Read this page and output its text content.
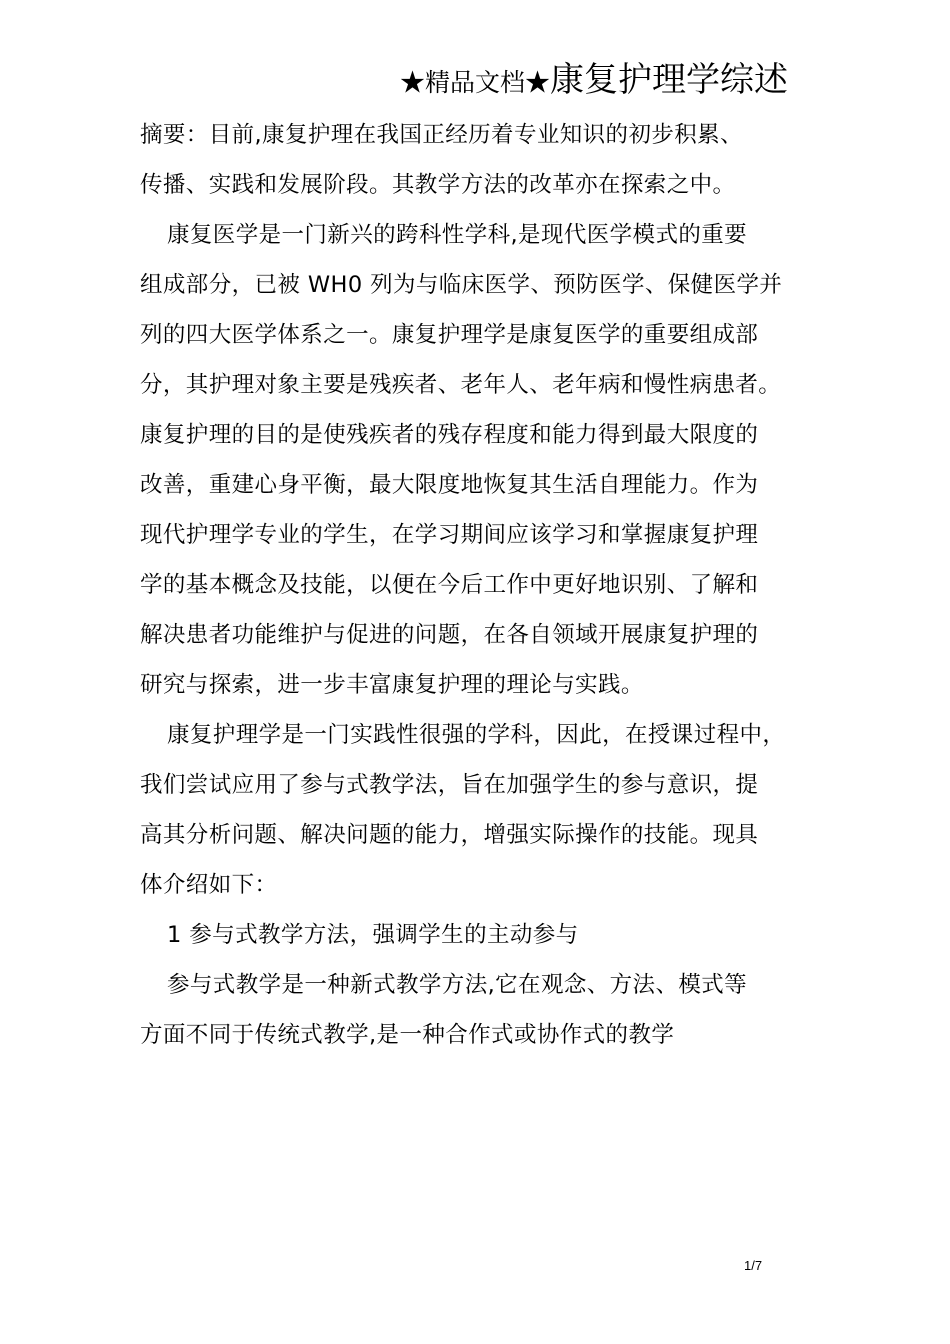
★精品文档★康复护理学综述
摘要：目前,康复护理在我国正经历着专业知识的初步积累、
传播、实践和发展阶段。其教学方法的改革亦在探索之中。
康复医学是一门新兴的跨科性学科,是现代医学模式的重要
组成部分，已被 WH0 列为与临床医学、预防医学、保健医学并
列的四大医学体系之一。康复护理学是康复医学的重要组成部
分，其护理对象主要是残疾者、老年人、老年病和慢性病患者。
康复护理的目的是使残疾者的残存程度和能力得到最大限度的
改善，重建心身平衡，最大限度地恢复其生活自理能力。作为
现代护理学专业的学生，在学习期间应该学习和掌握康复护理
学的基本概念及技能，以便在今后工作中更好地识别、了解和
解决患者功能维护与促进的问题，在各自领域开展康复护理的
研究与探索，进一步丰富康复护理的理论与实践。
康复护理学是一门实践性很强的学科，因此，在授课过程中，
我们尝试应用了参与式教学法，旨在加强学生的参与意识，提
高其分析问题、解决问题的能力，增强实际操作的技能。现具
体介绍如下：
1 参与式教学方法，强调学生的主动参与
参与式教学是一种新式教学方法,它在观念、方法、模式等
方面不同于传统式教学,是一种合作式或协作式的教学
1/7
